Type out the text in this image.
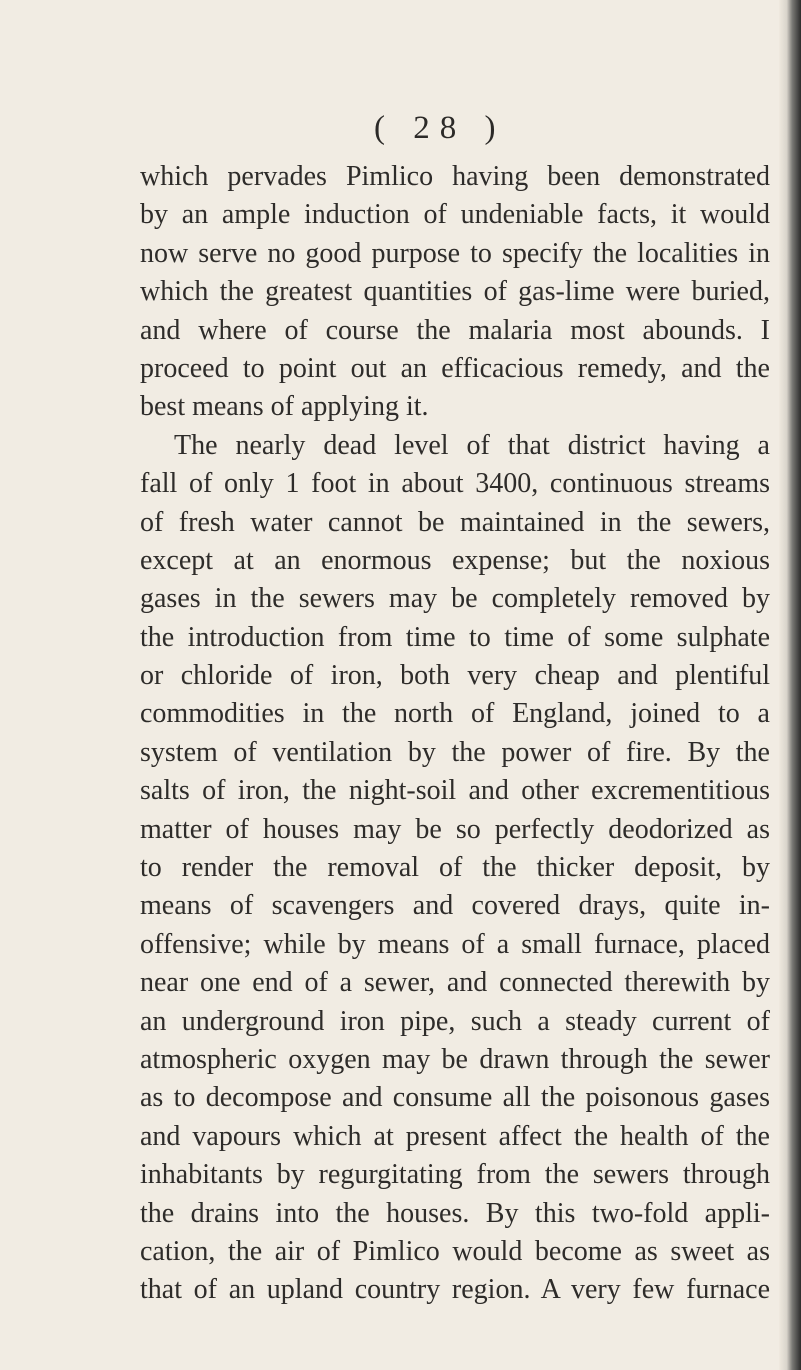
( 28 )
which pervades Pimlico having been demonstrated
by an ample induction of undeniable facts, it would
now serve no good purpose to specify the localities in
which the greatest quantities of gas-lime were buried,
and where of course the malaria most abounds. I
proceed to point out an efficacious remedy, and the
best means of applying it.
The nearly dead level of that district having a
fall of only 1 foot in about 3400, continuous streams
of fresh water cannot be maintained in the sewers,
except at an enormous expense; but the noxious
gases in the sewers may be completely removed by
the introduction from time to time of some sulphate
or chloride of iron, both very cheap and plentiful
commodities in the north of England, joined to a
system of ventilation by the power of fire. By the
salts of iron, the night-soil and other excrementitious
matter of houses may be so perfectly deodorized as
to render the removal of the thicker deposit, by
means of scavengers and covered drays, quite in-
offensive; while by means of a small furnace, placed
near one end of a sewer, and connected therewith by
an underground iron pipe, such a steady current of
atmospheric oxygen may be drawn through the sewer
as to decompose and consume all the poisonous gases
and vapours which at present affect the health of the
inhabitants by regurgitating from the sewers through
the drains into the houses. By this two-fold appli-
cation, the air of Pimlico would become as sweet as
that of an upland country region. A very few furnace
